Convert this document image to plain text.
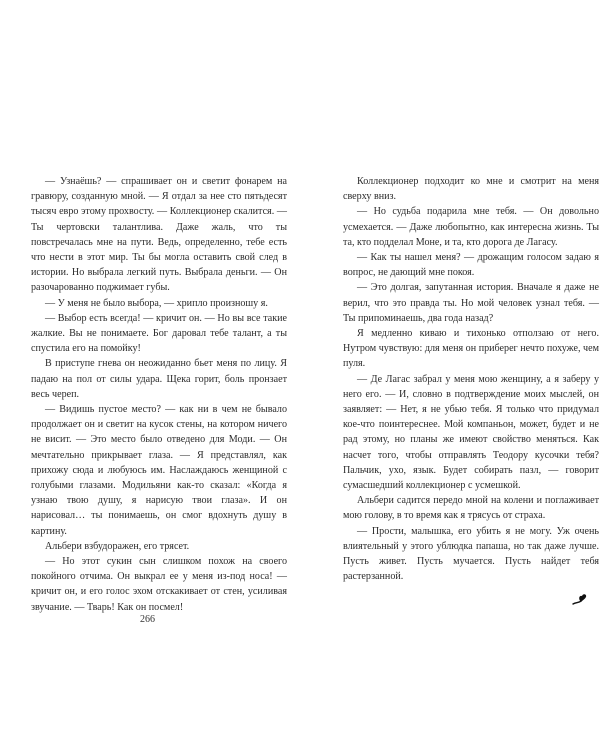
— Узнаёшь? — спрашивает он и светит фонарем на гравюру, созданную мной. — Я отдал за нее сто пятьдесят тысяч евро этому прохвосту. — Коллекционер скалится. — Ты чертовски талантлива. Даже жаль, что ты повстречалась мне на пути. Ведь, определенно, тебе есть что нести в этот мир. Ты бы могла оставить свой след в истории. Но выбрала легкий путь. Выбрала деньги. — Он разочарованно поджимает губы.

— У меня не было выбора, — хрипло произношу я.

— Выбор есть всегда! — кричит он. — Но вы все такие жалкие. Вы не понимаете. Бог даровал тебе талант, а ты спустила его на помойку!

В приступе гнева он неожиданно бьет меня по лицу. Я падаю на пол от силы удара. Щека горит, боль пронзает весь череп.

— Видишь пустое место? — как ни в чем не бывало продолжает он и светит на кусок стены, на котором ничего не висит. — Это место было отведено для Моди. — Он мечтательно прикрывает глаза. — Я представлял, как прихожу сюда и любуюсь им. Наслаждаюсь женщиной с голубыми глазами. Модильяни как-то сказал: «Когда я узнаю твою душу, я нарисую твои глаза». И он нарисовал… ты понимаешь, он смог вдохнуть душу в картину.

Альбери взбудоражен, его трясет.

— Но этот сукин сын слишком похож на своего покойного отчима. Он выкрал ее у меня из-под носа! — кричит он, и его голос эхом отскакивает от стен, усиливая звучание. — Тварь! Как он посмел!

266

Коллекционер подходит ко мне и смотрит на меня сверху вниз.

— Но судьба подарила мне тебя. — Он довольно усмехается. — Даже любопытно, как интересна жизнь. Ты та, кто подделал Моне, и та, кто дорога де Лагасу.

— Как ты нашел меня? — дрожащим голосом задаю я вопрос, не дающий мне покоя.

— Это долгая, запутанная история. Вначале я даже не верил, что это правда ты. Но мой человек узнал тебя. — Ты припоминаешь, два года назад?

Я медленно киваю и тихонько отползаю от него. Нутром чувствую: для меня он приберег нечто похуже, чем пуля.

— Де Лагас забрал у меня мою женщину, а я заберу у него его. — И, словно в подтверждение моих мыслей, он заявляет: — Нет, я не убью тебя. Я только что придумал кое-что поинтереснее. Мой компаньон, может, будет и не рад этому, но планы же имеют свойство меняться. Как насчет того, чтобы отправлять Теодору кусочки тебя? Пальчик, ухо, язык. Будет собирать пазл, — говорит сумасшедший коллекционер с усмешкой.

Альбери садится передо мной на колени и поглаживает мою голову, в то время как я трясусь от страха.

— Прости, малышка, его убить я не могу. Уж очень влиятельный у этого ублюдка папаша, но так даже лучше. Пусть живет. Пусть мучается. Пусть найдет тебя растерзанной.
